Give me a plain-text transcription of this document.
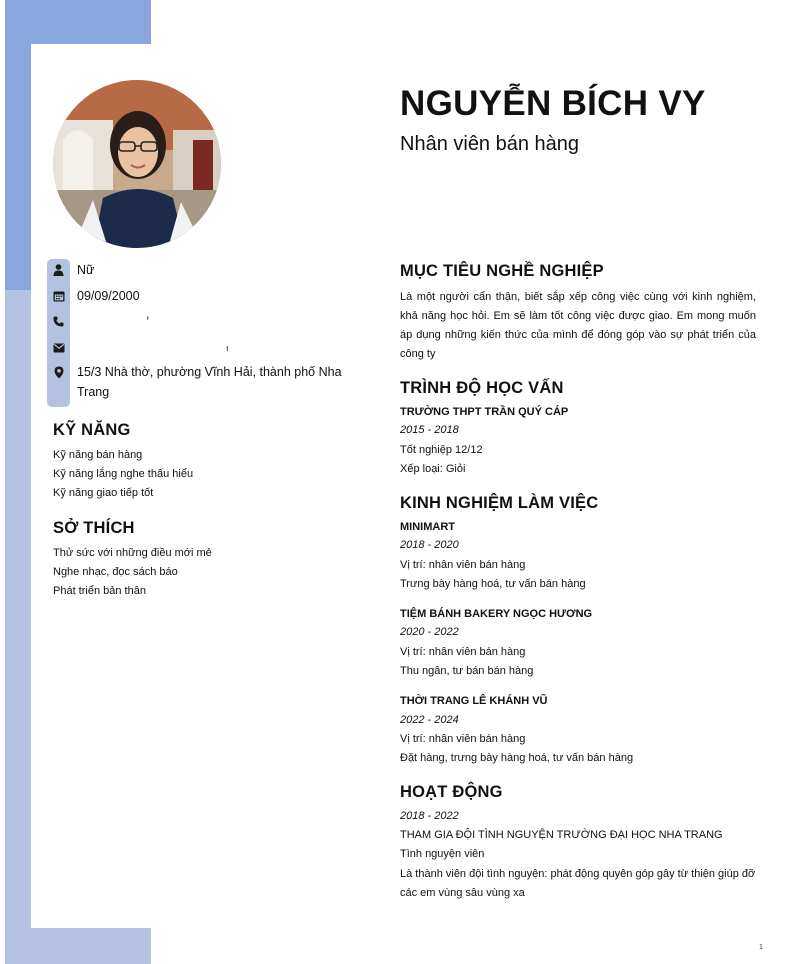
NGUYỄN BÍCH VY
Nhân viên bán hàng
Nữ
09/09/2000
,
ı
15/3 Nhà thờ, phường Vĩnh Hải, thành phố Nha
Trang
KỸ NĂNG
Kỹ năng bán hàng
Kỹ năng lắng nghe thấu hiểu
Kỹ năng giao tiếp tốt
SỞ THÍCH
Thử sức với những điều mới mẻ
Nghe nhạc, đọc sách báo
Phát triển bản thân
MỤC TIÊU NGHỀ NGHIỆP
Là một người cẩn thận, biết sắp xếp công việc cùng với kinh nghiệm, khả năng học hỏi. Em sẽ làm tốt công việc được giao. Em mong muốn áp dụng những kiến thức của mình để đóng góp vào sự phát triển của công ty
TRÌNH ĐỘ HỌC VẤN
TRƯỜNG THPT TRẦN QUÝ CÁP
2015 - 2018
Tốt nghiệp 12/12
Xếp loại: Giỏi
KINH NGHIỆM LÀM VIỆC
MINIMART
2018 - 2020
Vị trí: nhân viên bán hàng
Trưng bày hàng hoá, tư vấn bán hàng
TIỆM BÁNH BAKERY NGỌC HƯƠNG
2020 - 2022
Vị trí: nhân viên bán hàng
Thu ngân, tư bán bán hàng
THỜI TRANG LÊ KHÁNH VŨ
2022 - 2024
Vị trí: nhân viên bán hàng
Đặt hàng, trưng bày hàng hoá, tư vấn bán hàng
HOẠT ĐỘNG
2018 - 2022
THAM GIA ĐỘI TÌNH NGUYỆN TRƯỜNG ĐẠI HỌC NHA TRANG
Tình nguyện viên
Là thành viên đội tình nguyện: phát động quyên góp gây từ thiện giúp đỡ
các em vùng sâu vùng xa
1
